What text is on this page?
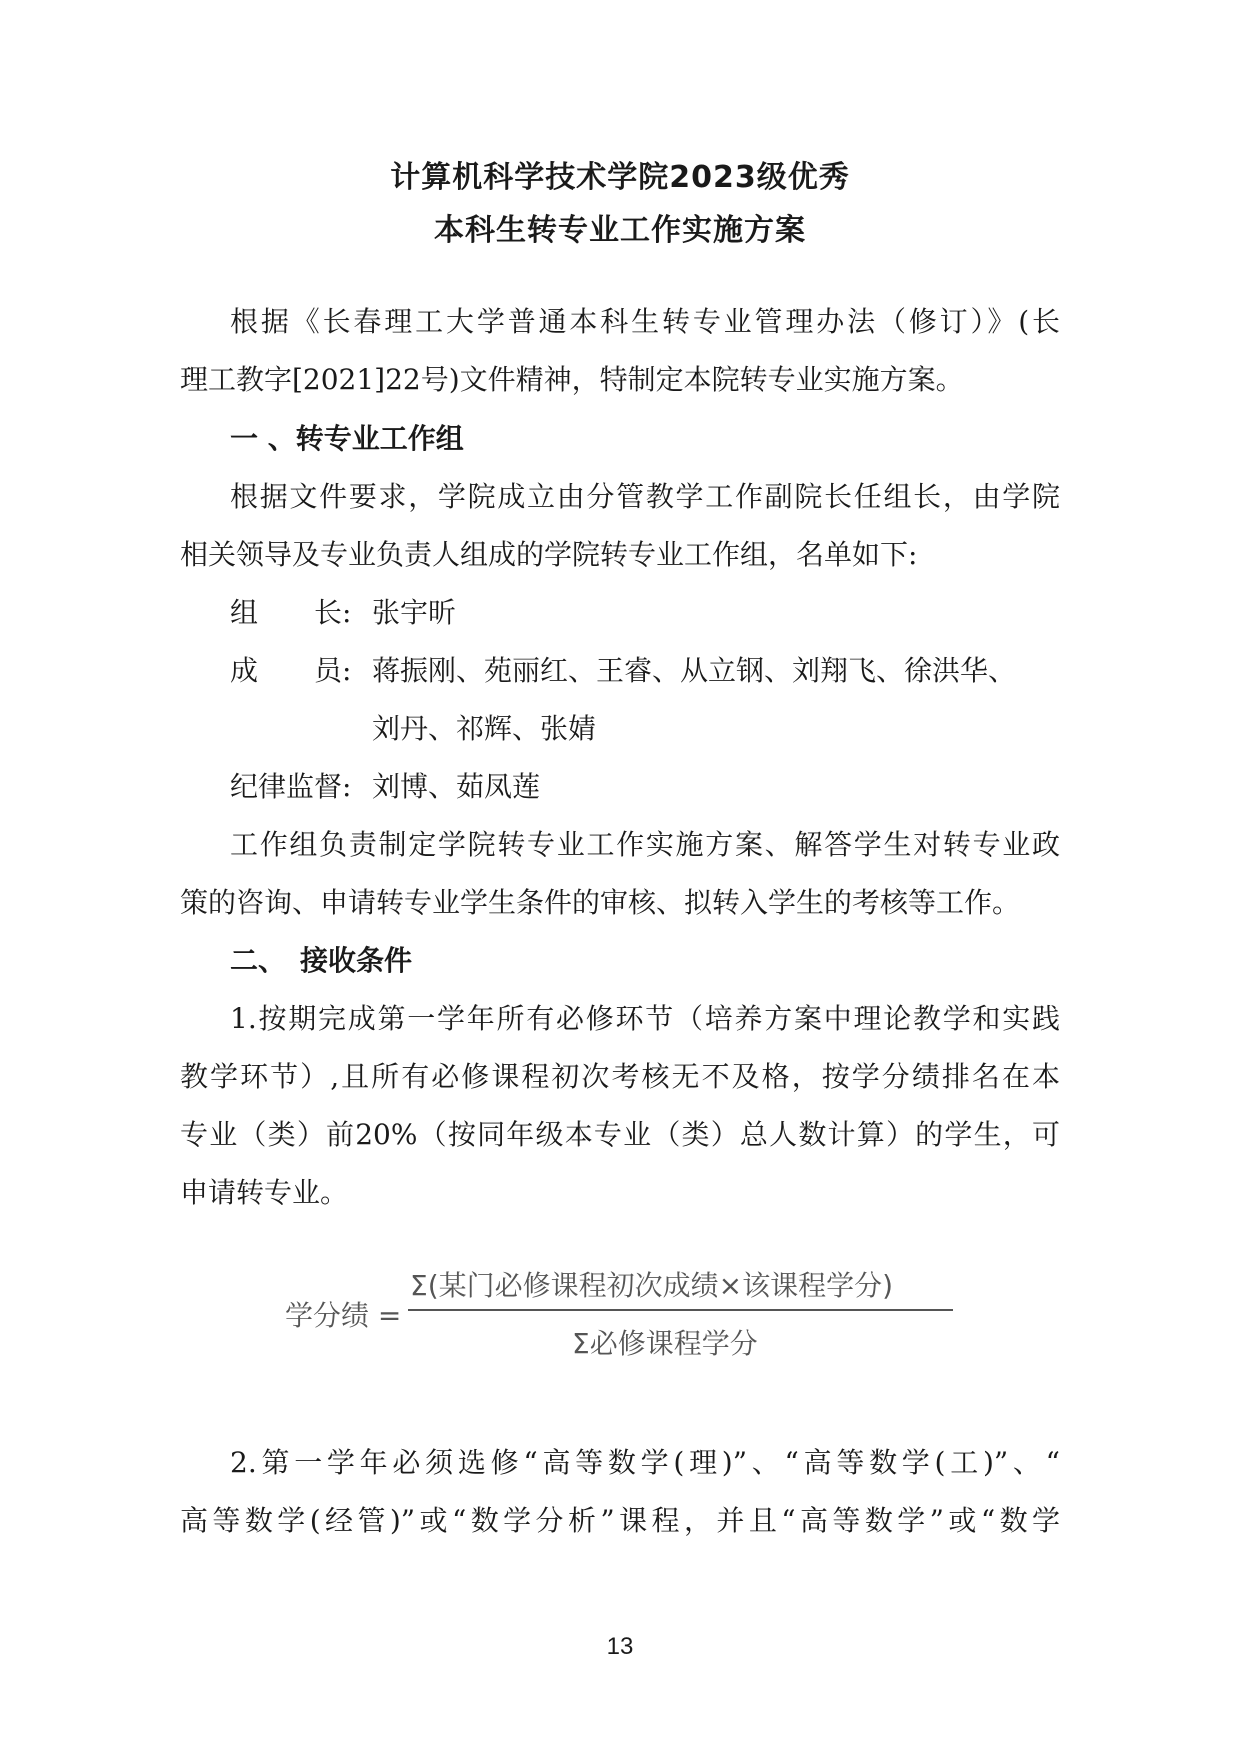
计算机科学技术学院2023级优秀
本科生转专业工作实施方案
根据《长春理工大学普通本科生转专业管理办法（修订）》(长
理工教字[2021]22号)文件精神，特制定本院转专业实施方案。
一 、转专业工作组
根据文件要求，学院成立由分管教学工作副院长任组长，由学院
相关领导及专业负责人组成的学院转专业工作组，名单如下:
组　　长: 张宇昕
成　　员: 蒋振刚、苑丽红、王睿、从立钢、刘翔飞、徐洪华、
刘丹、祁辉、张婧
纪律监督: 刘博、茹凤莲
工作组负责制定学院转专业工作实施方案、解答学生对转专业政
策的咨询、申请转专业学生条件的审核、拟转入学生的考核等工作。
二、　接收条件
1.按期完成第一学年所有必修环节（培养方案中理论教学和实践
教学环节）,且所有必修课程初次考核无不及格，按学分绩排名在本
专业（类）前20%（按同年级本专业（类）总人数计算）的学生，可
申请转专业。
学分绩 =
Σ(某门必修课程初次成绩×该课程学分)
Σ必修课程学分
2.第一学年必须选修“高等数学(理)”、“高等数学(工)”、“
高等数学(经管)”或“数学分析”课程，并且“高等数学”或“数学
13
